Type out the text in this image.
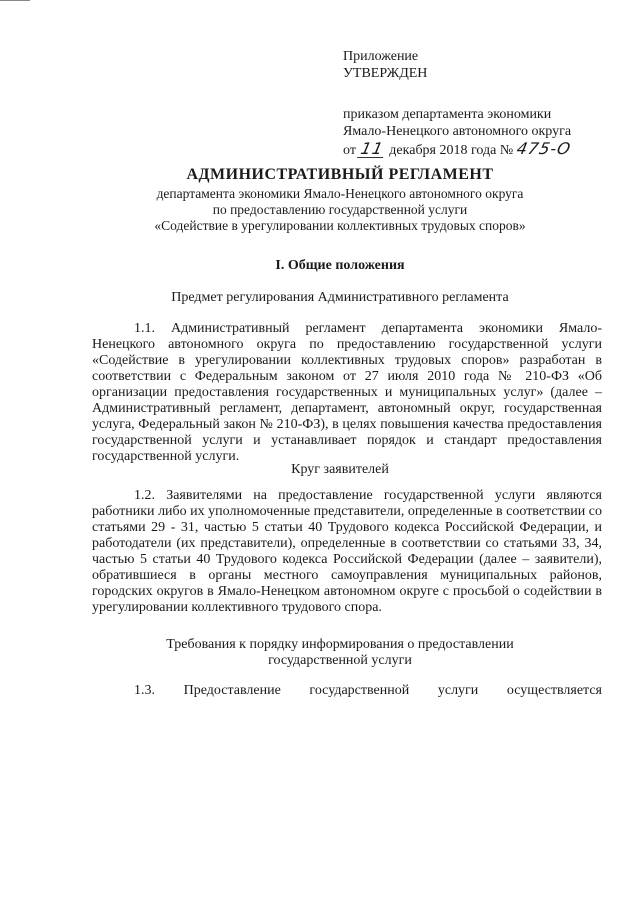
Приложение
УТВЕРЖДЕН
приказом департамента экономики
Ямало-Ненецкого автономного округа
от 11 декабря 2018 года № 475-О
АДМИНИСТРАТИВНЫЙ РЕГЛАМЕНТ
департамента экономики Ямало-Ненецкого автономного округа
по предоставлению государственной услуги
«Содействие в урегулировании коллективных трудовых споров»
I. Общие положения
Предмет регулирования Административного регламента

1.1. Административный регламент департамента экономики Ямало-Ненецкого автономного округа по предоставлению государственной услуги «Содействие в урегулировании коллективных трудовых споров» разработан в соответствии с Федеральным законом от 27 июля 2010 года № 210-ФЗ «Об организации предоставления государственных и муниципальных услуг» (далее – Административный регламент, департамент, автономный округ, государственная услуга, Федеральный закон № 210-ФЗ), в целях повышения качества предоставления государственной услуги и устанавливает порядок и стандарт предоставления государственной услуги.

Круг заявителей

1.2. Заявителями на предоставление государственной услуги являются работники либо их уполномоченные представители, определенные в соответствии со статьями 29 - 31, частью 5 статьи 40 Трудового кодекса Российской Федерации, и работодатели (их представители), определенные в соответствии со статьями 33, 34, частью 5 статьи 40 Трудового кодекса Российской Федерации (далее – заявители), обратившиеся в органы местного самоуправления муниципальных районов, городских округов в Ямало-Ненецком автономном округе с просьбой о содействии в урегулировании коллективного трудового спора.

Требования к порядку информирования о предоставлении
государственной услуги

1.3. Предоставление государственной услуги осуществляется
